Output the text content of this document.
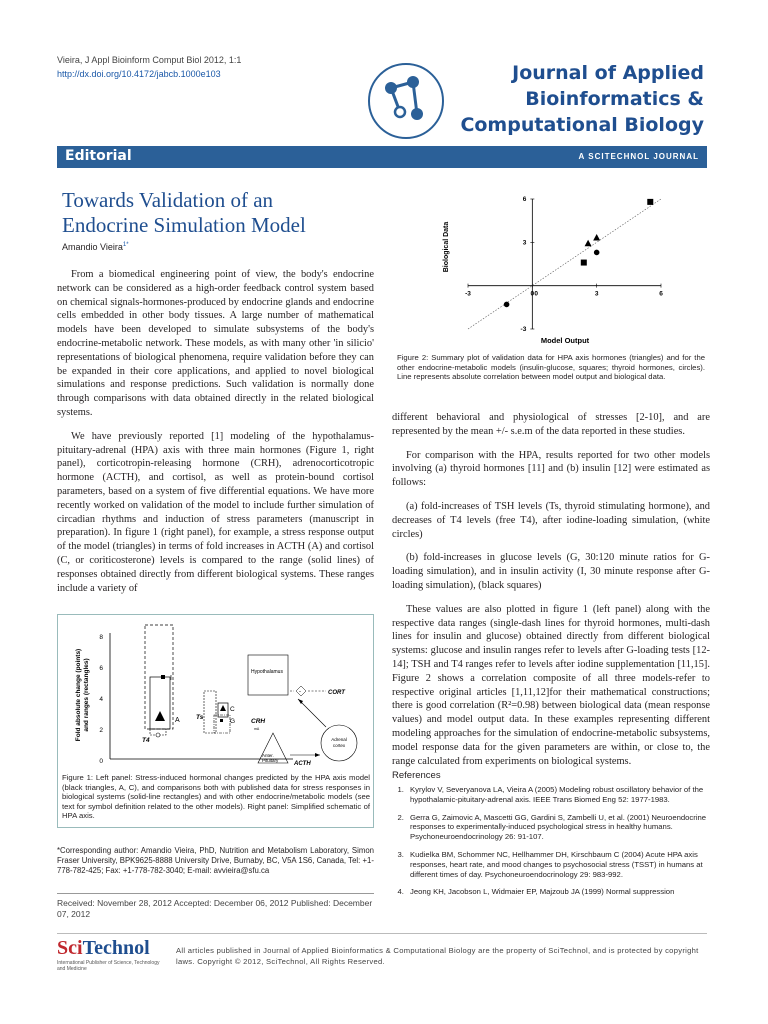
Vieira, J Appl Bioinform Comput Biol 2012, 1:1
http://dx.doi.org/10.4172/jabcb.1000e103	Journal of Applied
Bioinformatics &
Computational Biology
Editorial	A SCITECHNOL JOURNAL
Towards Validation of an
Endocrine Simulation Model
Amandio Vieira$^{1*}$

From a biomedical engineering point of view, the body's endocrine network can be considered as a high-order feedback control system based on chemical signals-hormones-produced by endocrine glands and endocrine cells embedded in other body tissues. A large number of mathematical models have been developed to simulate subsystems of the body's endocrine-metabolic network. These models, as with many other 'in silicio' representations of biological phenomena, require validation before they can be expanded in their core applications, and applied to novel biological simulations and response predictions. Such validation is normally done through comparisons with data obtained directly in the related biological systems.

We have previously reported [1] modeling of the hypothalamus-pituitary-adrenal (HPA) axis with three main hormones (Figure 1, right panel), corticotropin-releasing hormone (CRH), adrenocorticotropic hormone (ACTH), and cortisol, as well as protein-bound cortisol parameters, based on a system of five differential equations. We have more recently worked on validation of the model to include further simulation of circadian rhythms and induction of stress parameters (manuscript in preparation). In figure 1 (right panel), for example, a stress response output of the model (triangles) in terms of fold increases in ACTH (A) and cortisol (C, or coriticosterone) levels is compared to the range (solid lines) of responses obtained directly from different biological systems. These ranges include a variety of

Biological Data
Model Output
-3	0	3	6
-3
3
6
0
Figure 2: Summary plot of validation data for HPA axis hormones (triangles) and for the other endocrine-metabolic models (insulin-glucose, squares; thyroid hormones, circles). Line represents absolute correlation between model output and biological data.

different behavioral and physiological of stresses [2-10], and are represented by the mean +/- s.e.m of the data reported in these studies.

For comparison with the HPA, results reported for two other models involving (a) thyroid hormones [11] and (b) insulin [12] were estimated as follows:

(a) fold-increases of TSH levels (Ts, thyroid stimulating hormone), and decreases of T4 levels (free T4), after iodine-loading simulation, (white circles)

(b) fold-increases in glucose levels (G, 30:120 minute ratios for G-loading simulation), and in insulin activity (I, 30 minute response after G-loading simulation), (black squares)

These values are also plotted in figure 1 (left panel) along with the respective data ranges (single-dash lines for thyroid hormones, multi-dash lines for insulin and glucose) obtained directly from different biological systems: glucose and insulin ranges refer to levels after G-loading tests [12-14]; TSH and T4 ranges refer to levels after iodine supplementation [11,15]. Figure 2 shows a correlation composite of all three models-refer to respective original articles [1,11,12]for their mathematical constructions; there is good correlation (R²=0.98) between biological data (mean response values) and model output data. In these examples representing different modeling approaches for the simulation of endocrine-metabolic subsystems, model response data for the given parameters are within, or close to, the range calculated from experiments on biological systems.

Fold absolute change (points) and ranges (rectangles)
8
6
4
2
0
I
A
T4
Ts
C
G
Hypothalamus
CRH
mA
Anter.
Pituitary
ACTH
Adrenal
cortex
-	CORT
Figure 1: Left panel: Stress-induced hormonal changes predicted by the HPA axis model (black triangles, A, C), and comparisons both with published data for stress responses in biological systems (solid-line rectangles) and with other endocrine/metabolic models (see text for symbol definition related to the other models). Right panel: Simplified schematic of HPA axis.
*Corresponding author: Amandio Vieira, PhD, Nutrition and Metabolism Laboratory, Simon Fraser University, BPK9625-8888 University Drive, Burnaby, BC, V5A 1S6, Canada, Tel: +1-778-782-425; Fax: +1-778-782-3040; E-mail: avvieira@sfu.ca
Received: November 28, 2012 Accepted: December 06, 2012 Published: December 07, 2012
References
1. Kyrylov V, Severyanova LA, Vieira A (2005) Modeling robust oscillatory behavior of the hypothalamic-pituitary-adrenal axis. IEEE Trans Biomed Eng 52: 1977-1983.
2. Gerra G, Zaimovic A, Mascetti GG, Gardini S, Zambelli U, et al. (2001) Neuroendocrine responses to experimentally-induced psychological stress in healthy humans. Psychoneuroendocrinology 26: 91-107.
3. Kudielka BM, Schommer NC, Hellhammer DH, Kirschbaum C (2004) Acute HPA axis responses, heart rate, and mood changes to psychosocial stress (TSST) in humans at different times of day. Psychoneuroendocrinology 29: 983-992.
4. Jeong KH, Jacobson L, Widmaier EP, Majzoub JA (1999) Normal suppression
SciTechnol
International Publisher of Science, Technology and Medicine
All articles published in Journal of Applied Bioinformatics & Computational Biology are the property of SciTechnol, and is protected by copyright laws. Copyright © 2012, SciTechnol, All Rights Reserved.
